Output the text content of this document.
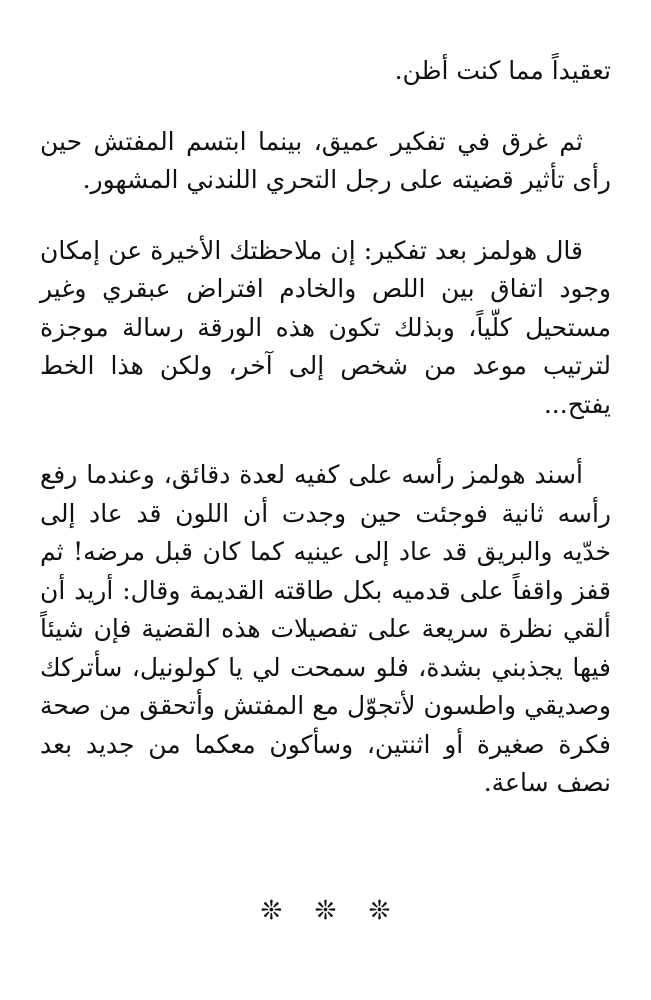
تعقيداً مما كنت أظن.

ثم غرق في تفكير عميق، بينما ابتسم المفتش حين رأى تأثير قضيته على رجل التحري اللندني المشهور.

قال هولمز بعد تفكير: إن ملاحظتك الأخيرة عن إمكان وجود اتفاق بين اللص والخادم افتراض عبقري وغير مستحيل كلّياً، وبذلك تكون هذه الورقة رسالة موجزة لترتيب موعد من شخص إلى آخر، ولكن هذا الخط يفتح...

أسند هولمز رأسه على كفيه لعدة دقائق، وعندما رفع رأسه ثانية فوجئت حين وجدت أن اللون قد عاد إلى خدّيه والبريق قد عاد إلى عينيه كما كان قبل مرضه! ثم قفز واقفاً على قدميه بكل طاقته القديمة وقال: أريد أن ألقي نظرة سريعة على تفصيلات هذه القضية فإن شيئاً فيها يجذبني بشدة، فلو سمحت لي يا كولونيل، سأتركك وصديقي واطسون لأتجوّل مع المفتش وأتحقق من صحة فكرة صغيرة أو اثنتين، وسأكون معكما من جديد بعد نصف ساعة.

❊ ❊ ❊
